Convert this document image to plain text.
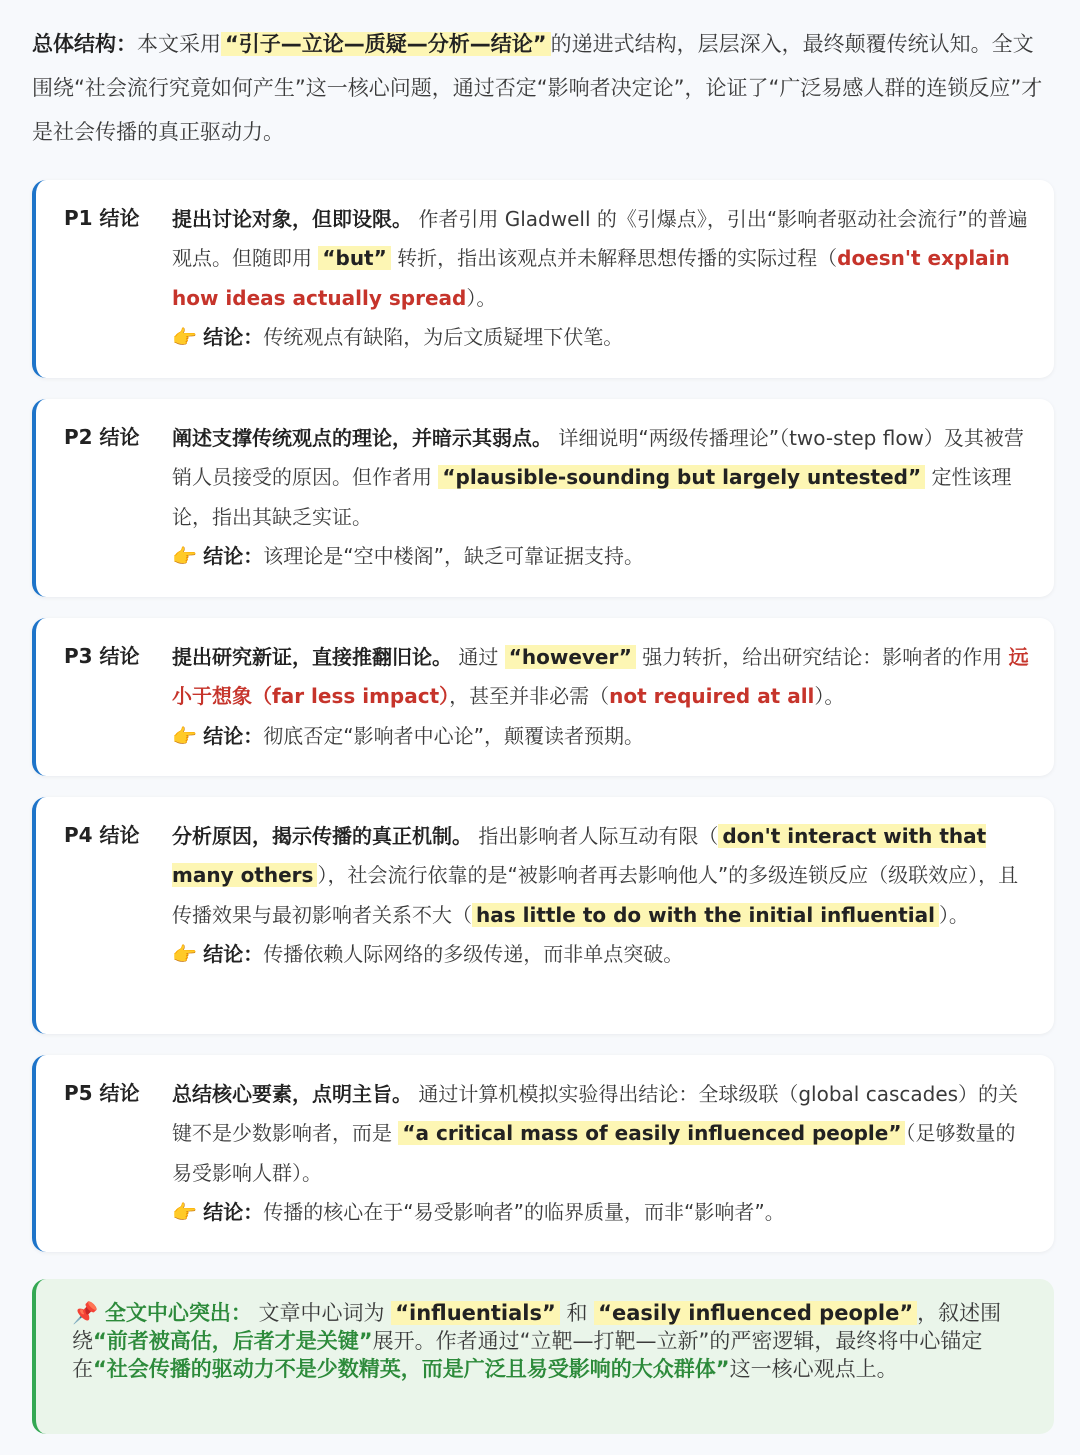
总体结构：本文采用 “引子—立论—质疑—分析—结论” 的递进式结构，层层深入，最终颠覆传统认知。全文围绕“社会流行究竟如何产生”这一核心问题，通过否定“影响者决定论”，论证了“广泛易感人群的连锁反应”才是社会传播的真正驱动力。
P1 结论 提出讨论对象，但即设限。 作者引用 Gladwell 的《引爆点》，引出“影响者驱动社会流行”的普遍观点。但随即用 “but” 转折，指出该观点并未解释思想传播的实际过程（doesn't explain how ideas actually spread）。
👉 结论：传统观点有缺陷，为后文质疑埋下伏笔。
P2 结论 阐述支撑传统观点的理论，并暗示其弱点。 详细说明“两级传播理论”（two-step flow）及其被营销人员接受的原因。但作者用 “plausible-sounding but largely untested” 定性该理论，指出其缺乏实证。
👉 结论：该理论是“空中楼阁”，缺乏可靠证据支持。
P3 结论 提出研究新证，直接推翻旧论。 通过 “however” 强力转折，给出研究结论：影响者的作用 远小于想象（far less impact），甚至并非必需（not required at all）。
👉 结论：彻底否定“影响者中心论”，颠覆读者预期。
P4 结论 分析原因，揭示传播的真正机制。 指出影响者人际互动有限（ don't interact with that many others ），社会流行依靠的是“被影响者再去影响他人”的多级连锁反应（级联效应），且传播效果与最初影响者关系不大（ has little to do with the initial influential ）。
👉 结论：传播依赖人际网络的多级传递，而非单点突破。
P5 结论 总结核心要素，点明主旨。 通过计算机模拟实验得出结论：全球级联（global cascades）的关键不是少数影响者，而是 “a critical mass of easily influenced people” （足够数量的易受影响人群）。
👉 结论：传播的核心在于“易受影响者”的临界质量，而非“影响者”。
📌 全文中心突出： 文章中心词为 “influentials” 和 “easily influenced people” ，叙述围绕“前者被高估，后者才是关键”展开。作者通过“立靶—打靶—立新”的严密逻辑，最终将中心锚定在“社会传播的驱动力不是少数精英，而是广泛且易受影响的大众群体”这一核心观点上。
